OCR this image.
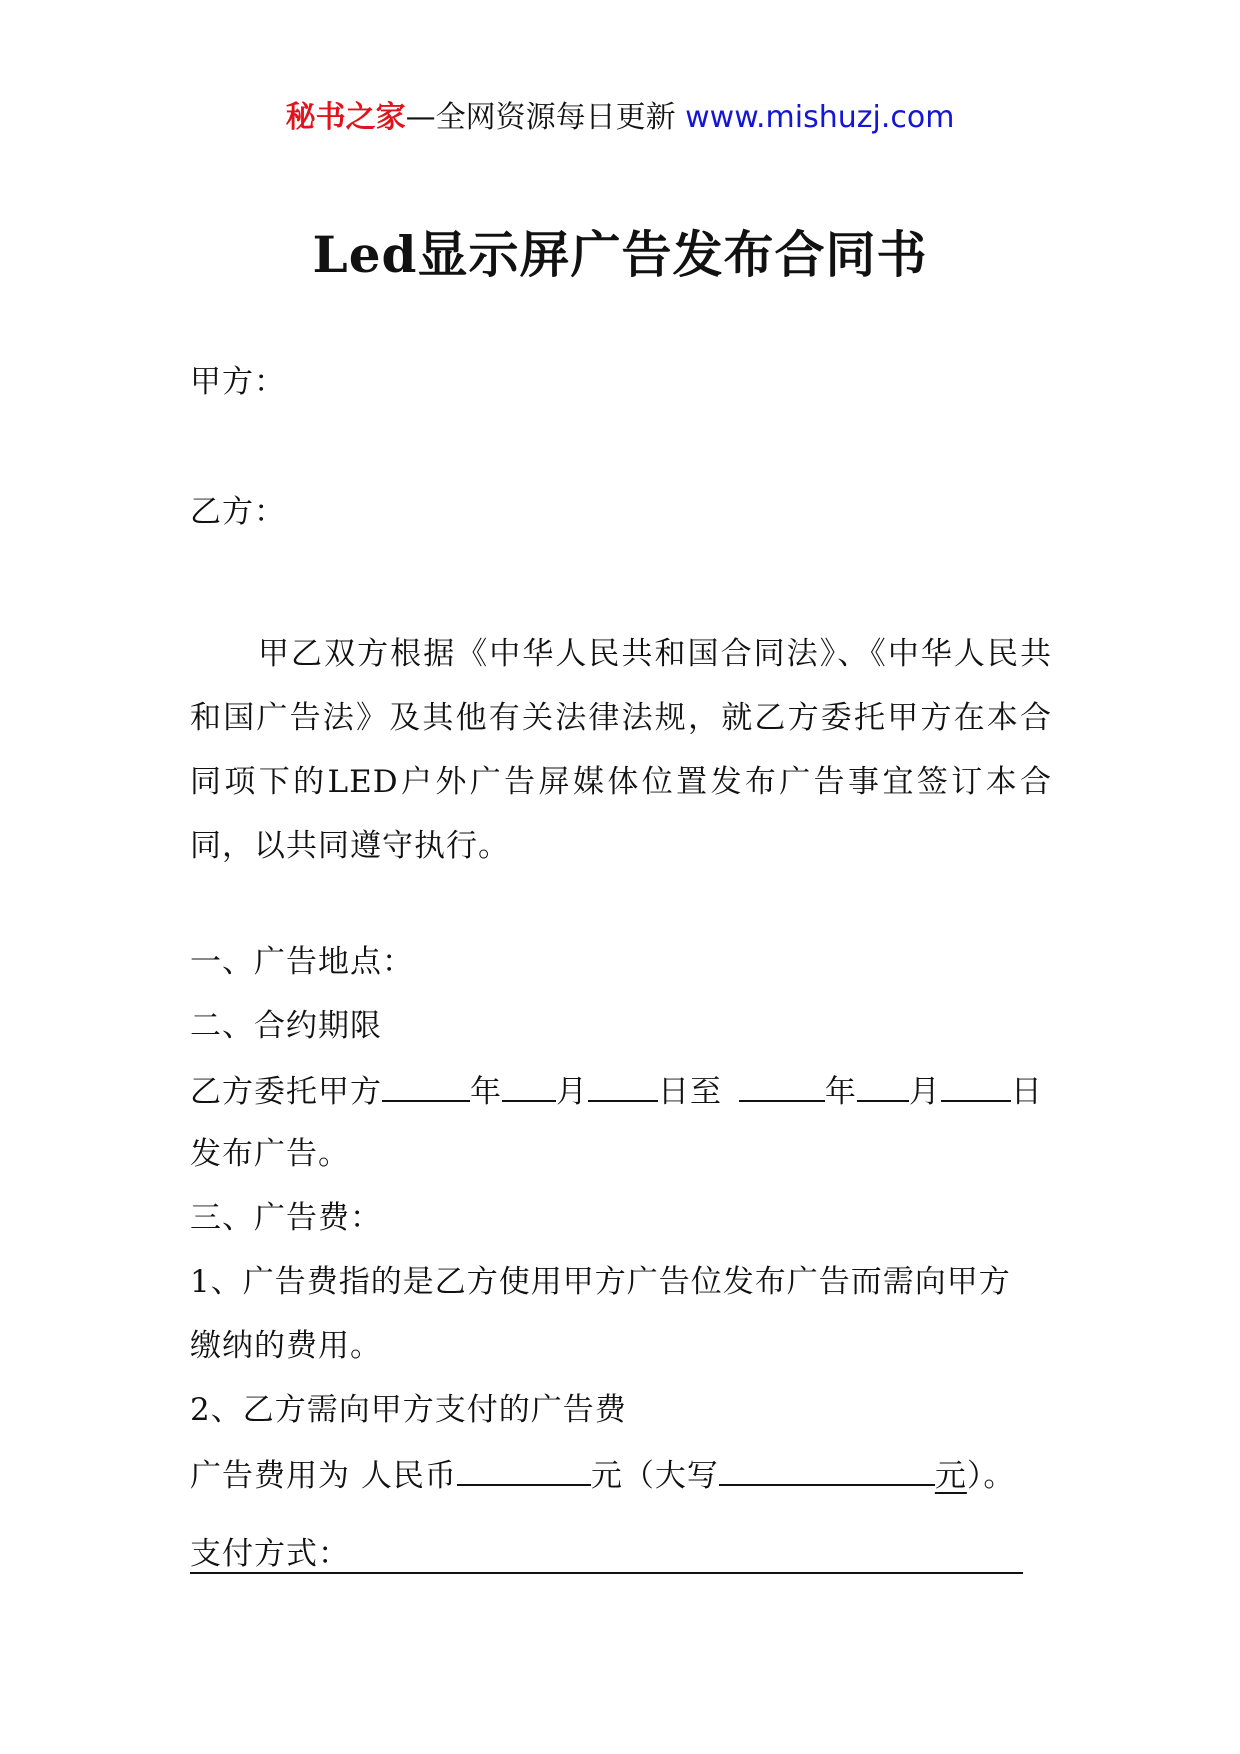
秘书之家—全网资源每日更新 www.mishuzj.com
Led显示屏广告发布合同书
甲方：
乙方：
甲乙双方根据《中华人民共和国合同法》、《中华人民共和国广告法》及其他有关法律法规，就乙方委托甲方在本合同项下的LED户外广告屏媒体位置发布广告事宜签订本合同，以共同遵守执行。
一、广告地点：
二、合约期限
乙方委托甲方	年 月 日至	年 月 日
发布广告。
三、广告费：
1、广告费指的是乙方使用甲方广告位发布广告而需向甲方
缴纳的费用。
2、乙方需向甲方支付的广告费
广告费用为 人民币	元（大写	元）。
支付方式：
